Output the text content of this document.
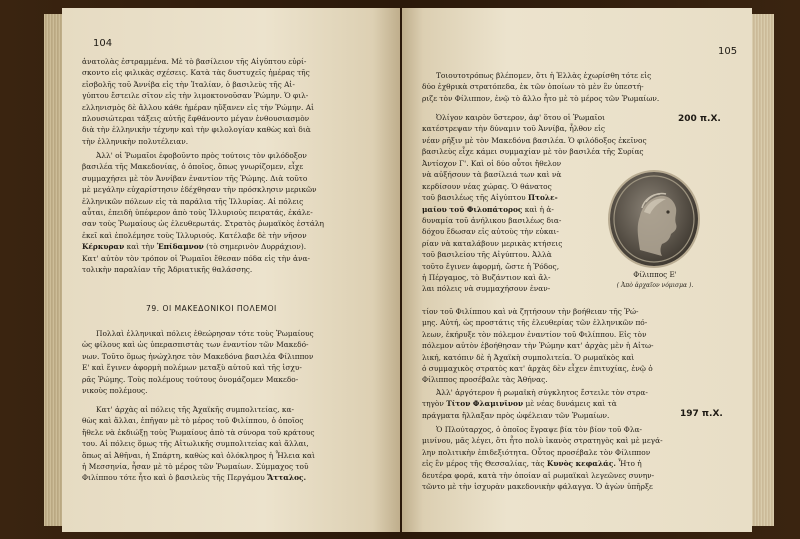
104

ἀνατολὰς ἐστραμμένα. Μὲ τὸ βασίλειον τῆς Αἰγύπτου εὑρί-

σκοντο εἰς φιλικὰς σχέσεις. Κατὰ τὰς δυστυχεῖς ἡμέρας τῆς

εἰσβολῆς τοῦ Ἀννίβα εἰς τὴν Ἰταλίαν, ὁ βασιλεὺς τῆς Αἰ-

γύπτου ἔστειλε σῖτον εἰς τὴν λιμοκτονοῦσαν Ῥώμην. Ὁ φιλ-

ελληνισμὸς δὲ ἄλλου κάθε ἡμέραν ηὔξανεν εἰς τὴν Ῥώμην. Αἱ

πλουσιώτεραι τάξεις αὐτῆς ἔφθάνοντο μέγαν ἐνθουσιασμὸν

διὰ τὴν ἑλληνικὴν τέχνην καὶ τὴν φιλολογίαν καθὼς καὶ διὰ

τὴν ἑλληνικὴν πολυτέλειαν.

Ἀλλ' οἱ Ῥωμαῖοι ἐφοβοῦντο πρὸς τούτοις τὸν φιλόδοξον

βασιλέα τῆς Μακεδονίας, ὁ ὁποῖος, ὅπως γνωρίζομεν, εἶχε

συμμαχήσει μὲ τὸν Ἀννίβαν ἐναντίον τῆς Ῥώμης. Διὰ τοῦτο

μὲ μεγάλην εὐχαρίστησιν ἐδέχθησαν τὴν πρόσκλησιν μερικῶν

ἑλληνικῶν πόλεων εἰς τὰ παράλια τῆς Ἰλλυρίας. Αἱ πόλεις

αὗται, ἐπειδὴ ὑπέφερον ἀπὸ τοὺς Ἰλλυριοὺς πειρατάς, ἐκάλε-

σαν τοὺς Ῥωμαίους ὡς ἐλευθερωτάς. Στρατὸς ῥωμαϊκὸς ἐστάλη

ἐκεῖ καὶ ἐπολέμησε τοὺς Ἰλλυριούς. Κατέλαβε δὲ τὴν νῆσον

Κέρκυραν καὶ τὴν Ἐπίδαμνον (τὸ σημερινὸν Δυρράχιον).

Κατ' αὐτὸν τὸν τρόπον οἱ Ῥωμαῖοι ἔθεσαν πόδα εἰς τὴν ἀνα-

τολικὴν παραλίαν τῆς Ἀδριατικῆς θαλάσσης.

79. ΟΙ ΜΑΚΕΔΟΝΙΚΟΙ ΠΟΛΕΜΟΙ

Πολλαὶ ἑλληνικαὶ πόλεις ἐθεώρησαν τότε τοὺς Ῥωμαίους

ὡς φίλους καὶ ὡς ὑπερασπιστὰς των ἐναντίον τῶν Μακεδό-

νων. Τοῦτο ὅμως ἠνώχλησε τὸν Μακεδόνα βασιλέα Φίλιππον

Ε' καὶ ἔγινεν ἀφορμὴ πολέμων μεταξὺ αὐτοῦ καὶ τῆς ἰσχυ-

ρᾶς Ῥώμης. Τοὺς πολέμους τούτους ὀνομάζομεν Μακεδο-

νικοὺς πολέμους.

Κατ' ἀρχὰς αἱ πόλεις τῆς Ἀχαϊκῆς συμπολιτείας, κα-

θὼς καὶ ἄλλαι, ἐπῆγαν μὲ τὸ μέρος τοῦ Φιλίππου, ὁ ὁποῖος

ἤθελε νὰ ἐκδιώξῃ τοὺς Ῥωμαίους ἀπὸ τὰ σύνορα τοῦ κράτους

του. Αἱ πόλεις ὅμως τῆς Αἰτωλικῆς συμπολιτείας καὶ ἄλλαι,

ὅπως αἱ Ἀθῆναι, ἡ Σπάρτη, καθὼς καὶ ὁλόκληρος ἡ Ἦλεια καὶ

ἡ Μεσσηνία, ἦσαν μὲ τὸ μέρος τῶν Ῥωμαίων. Σύμμαχος τοῦ

Φιλίππου τότε ἦτο καὶ ὁ βασιλεὺς τῆς Περγάμου Ἄτταλος.

105

Τοιουτοτρόπως βλέπομεν, ὅτι ἡ Ἑλλὰς ἐχωρίσθη τότε εἰς

δύο ἐχθρικὰ στρατόπεδα, ἐκ τῶν ὁποίων τὸ μὲν ἓν ὑπεστή-

ριζε τὸν Φίλιππον, ἐνῷ τὸ ἄλλο ἦτο μὲ τὸ μέρος τῶν Ῥωμαίων.

200 π.Χ.

Ὀλίγον καιρὸν ὕστερον, ἀφ' ὅτου οἱ Ῥωμαῖοι

κατέστρεψαν τὴν δύναμιν τοῦ Ἀννίβα, ἦλθον εἰς

νέαν ρῆξιν μὲ τὸν Μακεδόνα βασιλέα. Ὁ φιλόδοξος ἐκεῖνος

βασιλεὺς εἶχε κάμει συμμαχίαν μὲ τὸν βασιλέα τῆς Συρίας

Ἀντίοχον Γ'. Καὶ οἱ δύο οὗτοι ἤθελον

νὰ αὐξήσουν τὰ βασίλειά των καὶ νὰ

κερδίσουν νέας χώρας. Ὁ θάνατος

τοῦ βασιλέως τῆς Αἰγύπτου Πτολε-

μαίου τοῦ Φιλοπάτορος καὶ ἡ ἀ-

δυναμία τοῦ ἀνήλικου βασιλέως δια-

δόχου ἔδωσαν εἰς αὐτοὺς τὴν εὐκαι-

ρίαν νὰ καταλάβουν μερικὰς κτήσεις

τοῦ βασιλείου τῆς Αἰγύπτου. Ἀλλὰ

τοῦτο ἔγινεν ἀφορμή, ὥστε ἡ Ῥόδος,

ἡ Πέργαμος, τὸ Βυζάντιον καὶ ἄλ-

λαι πόλεις νὰ συμμαχήσουν ἐναν-

Φίλιππος Ε'
( Ἀπὸ ἀρχαῖον νόμισμα ).

τίον τοῦ Φιλίππου καὶ νὰ ζητήσουν τὴν βοήθειαν τῆς Ῥώ-

μης. Αὐτή, ὡς προστάτις τῆς ἐλευθερίας τῶν ἑλληνικῶν πό-

λεων, ἐκήρυξε τὸν πόλεμον ἐναντίον τοῦ Φιλίππου. Εἰς τὸν

πόλεμον αὐτὸν ἐβοήθησαν τὴν Ῥώμην κατ' ἀρχὰς μὲν ἡ Αἰτω-

λική, κατόπιν δὲ ἡ Ἀχαϊκὴ συμπολιτεία. Ὁ ρωμαϊκὸς καὶ

ὁ συμμαχικὸς στρατὸς κατ' ἀρχὰς δὲν εἶχεν ἐπιτυχίας, ἐνῷ ὁ

Φίλιππος προσέβαλε τὰς Ἀθήνας.

Ἀλλ' ἀργότερον ἡ ρωμαϊκὴ σύγκλητος ἔστειλε τὸν στρα-

τηγὸν Τίτον Φλαμινῖνον μὲ νέας δυνάμεις καὶ τὰ

πράγματα ἤλλαξαν πρὸς ὠφέλειαν τῶν Ῥωμαίων.	197 π.Χ.

Ὁ Πλούταρχος, ὁ ὁποῖος ἔγραψε βία τὸν βίον τοῦ Φλα-

μινίνου, μᾶς λέγει, ὅτι ἦτο πολὺ ἱκανὸς στρατηγὸς καὶ μὲ μεγά-

λην πολιτικὴν ἐπιδεξιότητα. Οὗτος προσέβαλε τὸν Φίλιππον

εἰς ἓν μέρος τῆς Θεσσαλίας, τὰς Κυνὸς κεφαλάς. Ἦτο ἡ

δευτέρα φορά, κατὰ τὴν ὁποίαν αἱ ρωμαϊκαὶ λεγεῶνες συνην-

τῶντο μὲ τὴν ἰσχυρὰν μακεδονικὴν φάλαγγα. Ὁ ἀγὼν ὑπῆρξε
